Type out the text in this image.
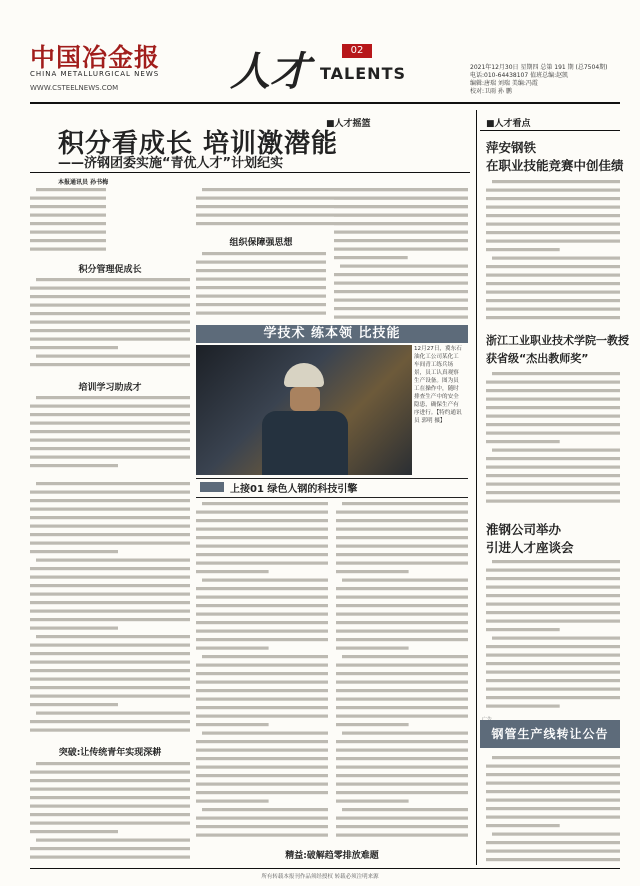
中国冶金报
CHINA METALLURGICAL NEWS
WWW.CSTEELNEWS.COM	人才	02
TALENTS	2021年12月30日 星期四 总第 191 期 (总7504期)
电话:010-64438107 值班总编:赵凯
编辑:唐瑞 刘瑞 美编:冯霞
校对:卫雨 孙 鹏
■人才摇篮
积分看成长 培训激潜能
——济钢团委实施“青优人才”计划纪实
本报通讯员 孙书梅
积分管理促成长
培训学习助成才
突破:让传统青年实现深耕
组织保障强思想
学技术 练本领 比技能
12月27日，冀东石油化工公司某化工车间青工练兵场景，员工认真观察生产设备。图为员工在操作中，随时排查生产中的安全隐患，确保生产有序进行。【特约通讯员 郭明 摄】
上接01 绿色人钢的科技引擎
精益:破解趋零排放难题
■人才看点
萍安钢铁
在职业技能竞赛中创佳绩
浙江工业职业技术学院一教授
获省级“杰出教师奖”
淮钢公司举办
引进人才座谈会
钢管生产线转让公告
所有转载本报刊作品须经授权 转载必须注明来源
